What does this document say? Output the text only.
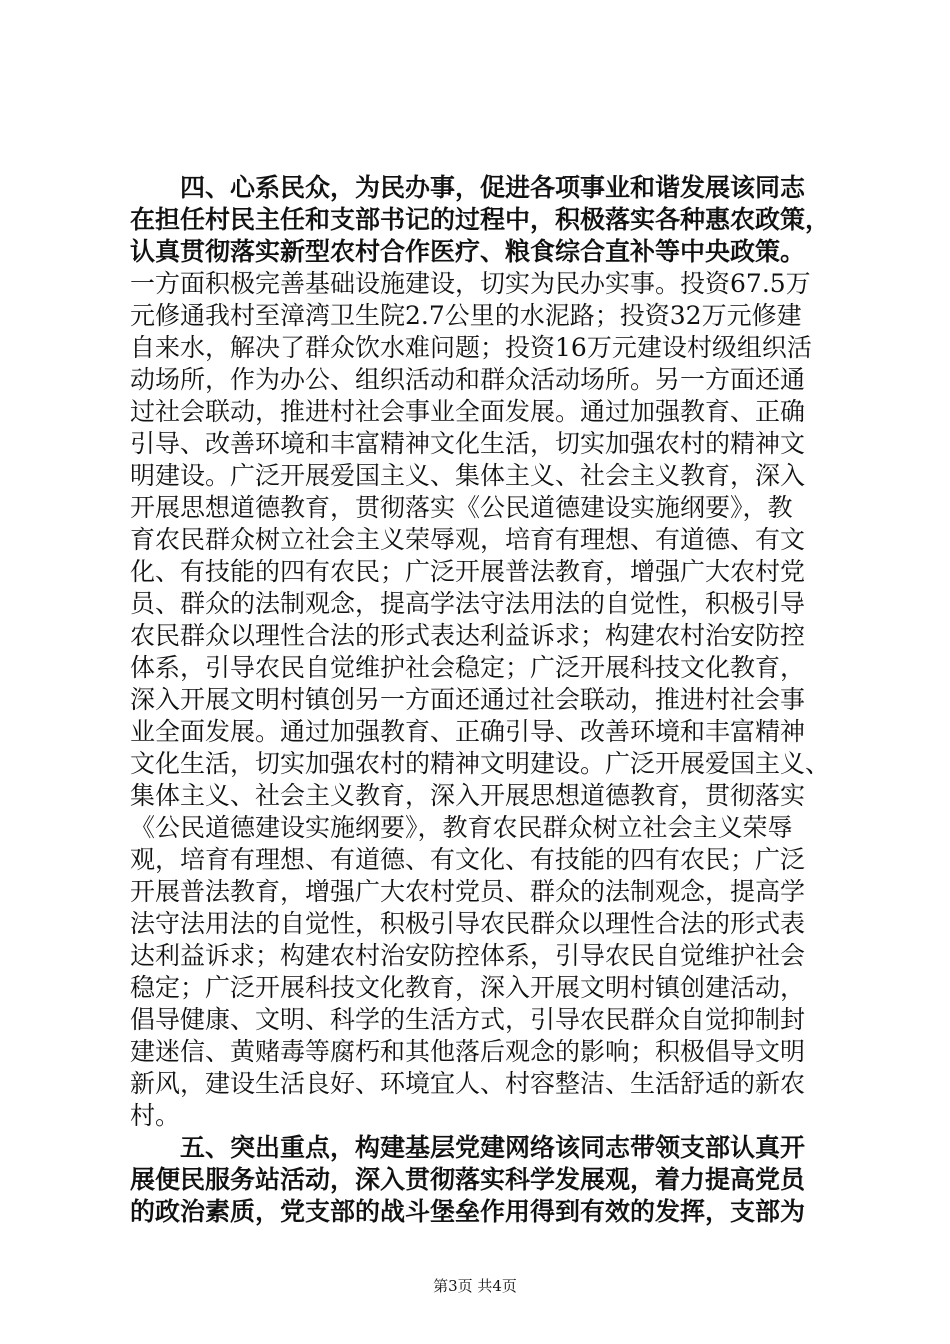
　　四、心系民众，为民办事，促进各项事业和谐发展该同志
在担任村民主任和支部书记的过程中，积极落实各种惠农政策，
认真贯彻落实新型农村合作医疗、粮食综合直补等中央政策。
一方面积极完善基础设施建设，切实为民办实事。投资67.5万
元修通我村至漳湾卫生院2.7公里的水泥路；投资32万元修建
自来水，解决了群众饮水难问题；投资16万元建设村级组织活
动场所，作为办公、组织活动和群众活动场所。另一方面还通
过社会联动，推进村社会事业全面发展。通过加强教育、正确
引导、改善环境和丰富精神文化生活，切实加强农村的精神文
明建设。广泛开展爱国主义、集体主义、社会主义教育，深入
开展思想道德教育，贯彻落实《公民道德建设实施纲要》，教
育农民群众树立社会主义荣辱观，培育有理想、有道德、有文
化、有技能的四有农民；广泛开展普法教育，增强广大农村党
员、群众的法制观念，提高学法守法用法的自觉性，积极引导
农民群众以理性合法的形式表达利益诉求；构建农村治安防控
体系，引导农民自觉维护社会稳定；广泛开展科技文化教育，
深入开展文明村镇创另一方面还通过社会联动，推进村社会事
业全面发展。通过加强教育、正确引导、改善环境和丰富精神
文化生活，切实加强农村的精神文明建设。广泛开展爱国主义、
集体主义、社会主义教育，深入开展思想道德教育，贯彻落实
《公民道德建设实施纲要》，教育农民群众树立社会主义荣辱
观，培育有理想、有道德、有文化、有技能的四有农民；广泛
开展普法教育，增强广大农村党员、群众的法制观念，提高学
法守法用法的自觉性，积极引导农民群众以理性合法的形式表
达利益诉求；构建农村治安防控体系，引导农民自觉维护社会
稳定；广泛开展科技文化教育，深入开展文明村镇创建活动，
倡导健康、文明、科学的生活方式，引导农民群众自觉抑制封
建迷信、黄赌毒等腐朽和其他落后观念的影响；积极倡导文明
新风，建设生活良好、环境宜人、村容整洁、生活舒适的新农
村。
　　五、突出重点，构建基层党建网络该同志带领支部认真开
展便民服务站活动，深入贯彻落实科学发展观，着力提高党员
的政治素质，党支部的战斗堡垒作用得到有效的发挥，支部为
第3页 共4页
